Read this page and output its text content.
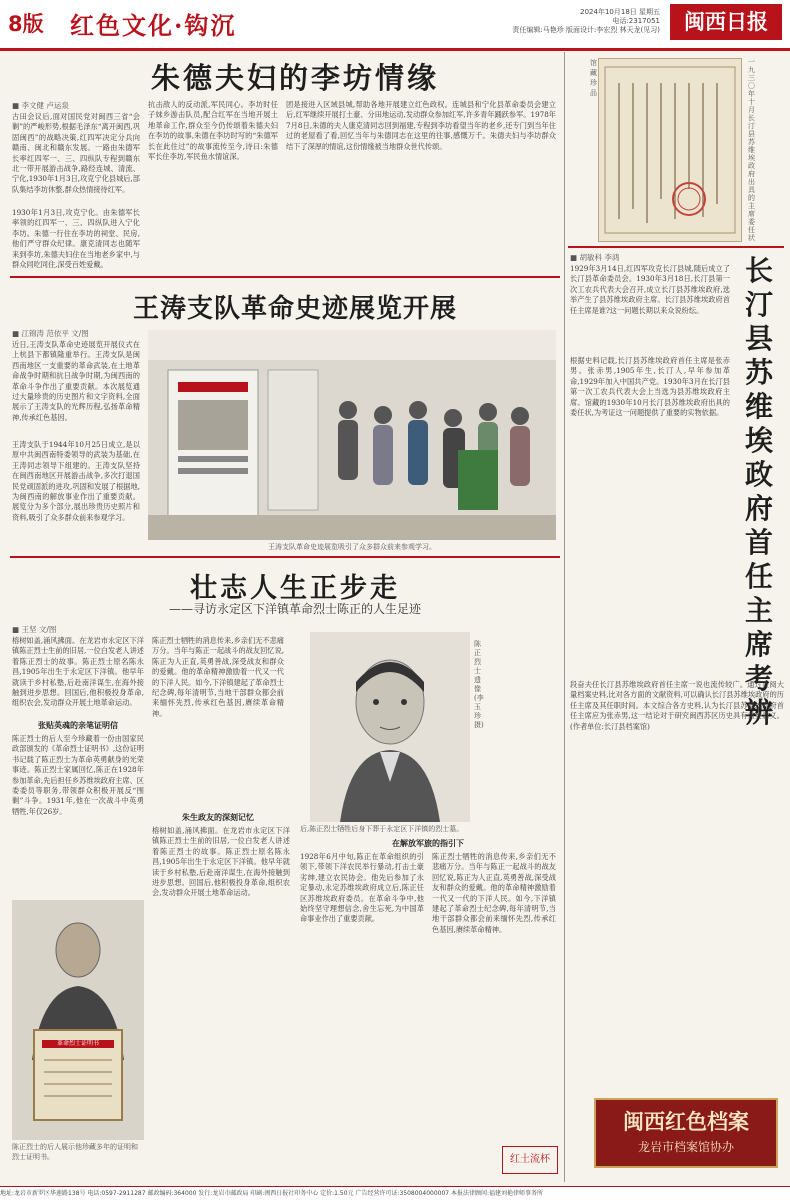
8版 红色文化·钩沉	2024年10月18日 星期五
电话:2317051
责任编辑:马艳珍 版面设计:李宏烈 林天龙(见习)	闽西日报
朱德夫妇的李坊情缘
■ 李文健 卢运泉
古田会议后,面对国民党对闽西三省“会剿”的严峻形势,根据毛泽东“离开闽西,巩固闽西”的战略决策,红四军决定分兵向赣南、闽北和赣东发展。一路由朱德军长率红四军一、三、四纵队专程到赣东北一带开展游击战争,路经连城、清流、宁化,1930年1月3日,攻克宁化县城后,部队集结李坊休整,群众热情接待红军。
1930年1月3日,攻克宁化。由朱德军长率领的红四军一、三、四纵队进入宁化李坊。朱德一行住在李坊的祠堂、民房,他们严守群众纪律。康克清同志也随军来到李坊,朱德夫妇住在当地老乡家中,与群众同吃同住,深受百姓爱戴。
抗击敌人的反动派,军民同心。李坊时任子妹乡游击队员,配合红军在当地开展土地革命工作,群众至今仍传颂着朱德夫妇在李坊的故事,朱德在李坊时写的“朱德军长在此住过”的故事流传至今,诗曰:朱德军长住李坊,军民鱼水情谊深。
团是接进入区域县城,帮助各地开展建立红色政权。连城县和宁化县革命委员会建立后,红军继续开展打土豪、分田地运动,发动群众参加红军,许多青年踊跃参军。1978年7月8日,朱德的夫人康克清同志回到福建,专程到李坊看望当年的老乡,还专门到当年住过的老屋看了看,回忆当年与朱德同志在这里的往事,感慨万千。朱德夫妇与李坊群众结下了深厚的情谊,这份情缘被当地群众世代传颂。
馆藏珍品
一九三〇年十月长汀县苏维埃政府出具的主席委任状
■ 胡敏科 李鸿	长汀县苏维埃政府首任主席考辨
1929年3月14日,红四军攻克长汀县城,随后成立了长汀县革命委员会。1930年3月18日,长汀县第一次工农兵代表大会召开,成立长汀县苏维埃政府,选举产生了县苏维埃政府主席。长汀县苏维埃政府首任主席是谁?这一问题长期以来众说纷纭。
根据史料记载,长汀县苏维埃政府首任主席是张赤男。张赤男,1905年生,长汀人,早年参加革命,1929年加入中国共产党。1930年3月在长汀县第一次工农兵代表大会上当选为县苏维埃政府主席。馆藏的1930年10月长汀县苏维埃政府出具的委任状,为考证这一问题提供了重要的实物依据。
段奋夫任长汀县苏维埃政府首任主席一说也流传较广。通过查阅大量档案史料,比对各方面的文献资料,可以确认长汀县苏维埃政府的历任主席及其任职时间。本文综合各方史料,认为长汀县苏维埃政府首任主席应为张赤男,这一结论对于研究闽西苏区历史具有重要意义。(作者单位:长汀县档案馆)
闽西红色档案
龙岩市档案馆协办
王涛支队革命史迹展览开展
■ 江锦涛 范依平 文/图
近日,王涛支队革命史迹展览开展仪式在上杭县下都镇隆重举行。王涛支队是闽西南地区一支重要的革命武装,在土地革命战争时期和抗日战争时期,为闽西南的革命斗争作出了重要贡献。本次展览通过大量珍贵的历史图片和文字资料,全面展示了王涛支队的光辉历程,弘扬革命精神,传承红色基因。
王涛支队于1944年10月25日成立,是以原中共闽西南特委领导的武装为基础,在王涛同志领导下组建的。王涛支队坚持在闽西南地区开展游击战争,多次打退国民党顽固派的进攻,巩固和发展了根据地,为闽西南的解放事业作出了重要贡献。展览分为多个部分,展出珍贵历史照片和资料,吸引了众多群众前来参观学习。
王涛支队革命史迹展览吸引了众多群众前来参观学习。
壮志人生正步走
——寻访永定区下洋镇革命烈士陈正的人生足迹
■ 王坚 文/图
榕树如盖,涌风拂面。在龙岩市永定区下洋镇陈正烈士生前的旧居,一位白发老人讲述着陈正烈士的故事。陈正烈士原名陈永昌,1905年出生于永定区下洋镇。他早年就读于乡村私塾,后赴南洋谋生,在海外接触到进步思想。回国后,他积极投身革命,组织农会,发动群众开展土地革命运动。
张贴英魂的亲笔证明信
陈正烈士的后人至今珍藏着一份由国家民政部颁发的《革命烈士证明书》,这份证明书记载了陈正烈士为革命英勇献身的光荣事迹。陈正烈士家属回忆,陈正在1928年参加革命,先后担任乡苏维埃政府主席、区委委员等职务,带领群众积极开展反“围剿”斗争。1931年,他在一次战斗中英勇牺牲,年仅26岁。
陈正烈士牺牲的消息传来,乡亲们无不悲痛万分。当年与陈正一起战斗的战友回忆说,陈正为人正直,英勇善战,深受战友和群众的爱戴。他的革命精神激励着一代又一代的下洋人民。如今,下洋镇建起了革命烈士纪念碑,每年清明节,当地干部群众都会前来缅怀先烈,传承红色基因,赓续革命精神。
朱生政友的深刻记忆
榕树如盖,涌风拂面。在龙岩市永定区下洋镇陈正烈士生前的旧居,一位白发老人讲述着陈正烈士的故事。陈正烈士原名陈永昌,1905年出生于永定区下洋镇。他早年就读于乡村私塾,后赴南洋谋生,在海外接触到进步思想。回国后,他积极投身革命,组织农会,发动群众开展土地革命运动。
陈正烈士遗像(李玉珍摄)
后,陈正烈士牺牲后身下葬于永定区下洋镇的烈士墓。
在解放军旅的指引下
1928年6月中旬,陈正在革命组织的引领下,带领下洋农民举行暴动,打击土豪劣绅,建立农民协会。他先后参加了永定暴动,永定苏维埃政府成立后,陈正任区苏维埃政府委员。在革命斗争中,他始终坚守理想信念,舍生忘死,为中国革命事业作出了重要贡献。
陈正烈士牺牲的消息传来,乡亲们无不悲痛万分。当年与陈正一起战斗的战友回忆说,陈正为人正直,英勇善战,深受战友和群众的爱戴。他的革命精神激励着一代又一代的下洋人民。如今,下洋镇建起了革命烈士纪念碑,每年清明节,当地干部群众都会前来缅怀先烈,传承红色基因,赓续革命精神。
革命烈士证明书
陈正烈士的后人展示他珍藏多年的证明和烈士证明书。	红土流杯
地址:龙岩市新罗区华莲路138号 电话:0597-2911287 邮政编码:364000 发行:龙岩市邮政局 印刷:闽西日报社印务中心 定价:1.50元 广告经营许可证:3508004000007 本报法律顾问:福建刘艳律师事务所
